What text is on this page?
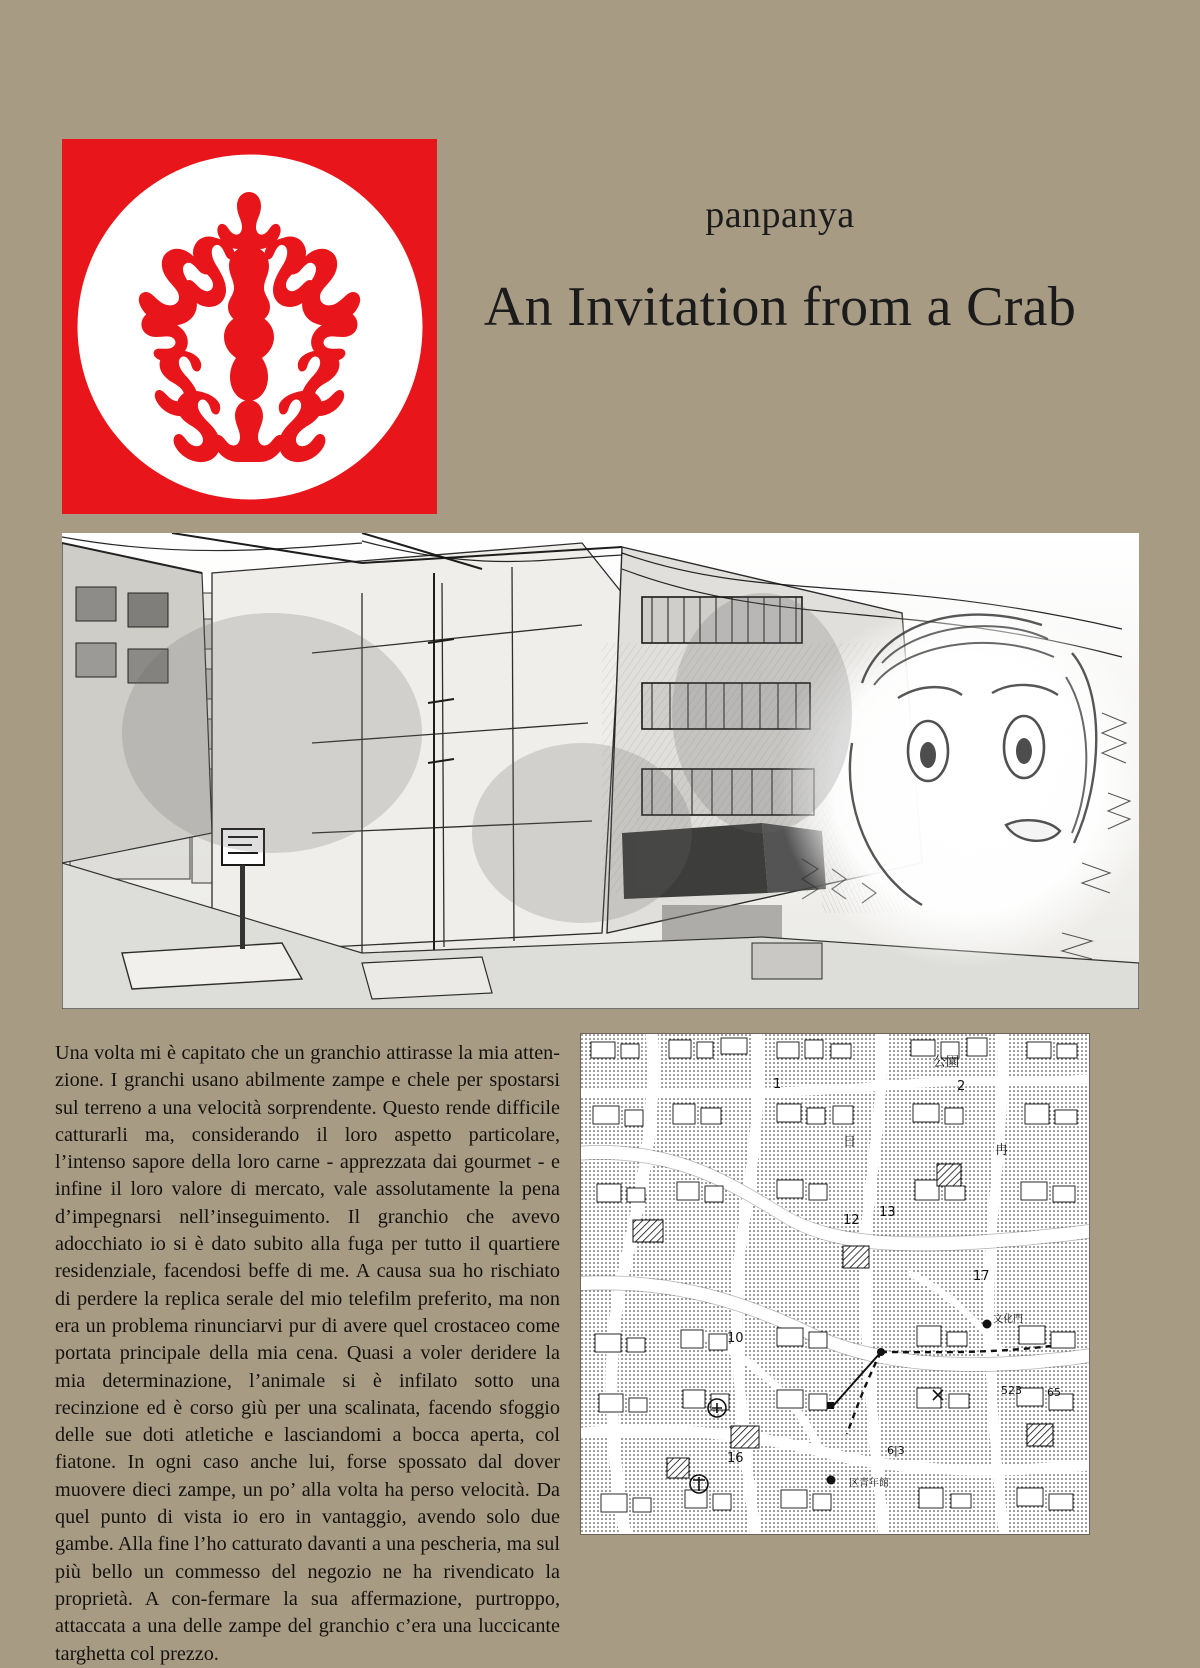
panpanya
An Invitation from a Crab
Una volta mi è capitato che un granchio attirasse la mia atten-zione. I granchi usano abilmente zampe e chele per spostarsi sul terreno a una velocità sorprendente. Questo rende difficile catturarli ma, considerando il loro aspetto particolare, l’intenso sapore della loro carne - apprezzata dai gourmet - e infine il loro valore di mercato, vale assolutamente la pena d’impegnarsi nell’inseguimento. Il granchio che avevo adocchiato io si è dato subito alla fuga per tutto il quartiere residenziale, facendosi beffe di me. A causa sua ho rischiato di perdere la replica serale del mio telefilm preferito, ma non era un problema rinunciarvi pur di avere quel crostaceo come portata principale della mia cena. Quasi a voler deridere la mia determinazione, l’animale si è infilato sotto una recinzione ed è corso giù per una scalinata, facendo sfoggio delle sue doti atletiche e lasciandomi a bocca aperta, col fiatone. In ogni caso anche lui, forse spossato dal dover muovere dieci zampe, un po’ alla volta ha perso velocità. Da quel punto di vista io ero in vantaggio, avendo solo due gambe. Alla fine l’ho catturato davanti a una pescheria, ma sul più bello un commesso del negozio ne ha rivendicato la proprietà. A con-fermare la sua affermazione, purtroppo, attaccata a una delle zampe del granchio c’era una luccicante targhetta col prezzo.
公園
2
1
日
冉
12
13
17
10
文化門
523 65
16
6|3
区青年館
